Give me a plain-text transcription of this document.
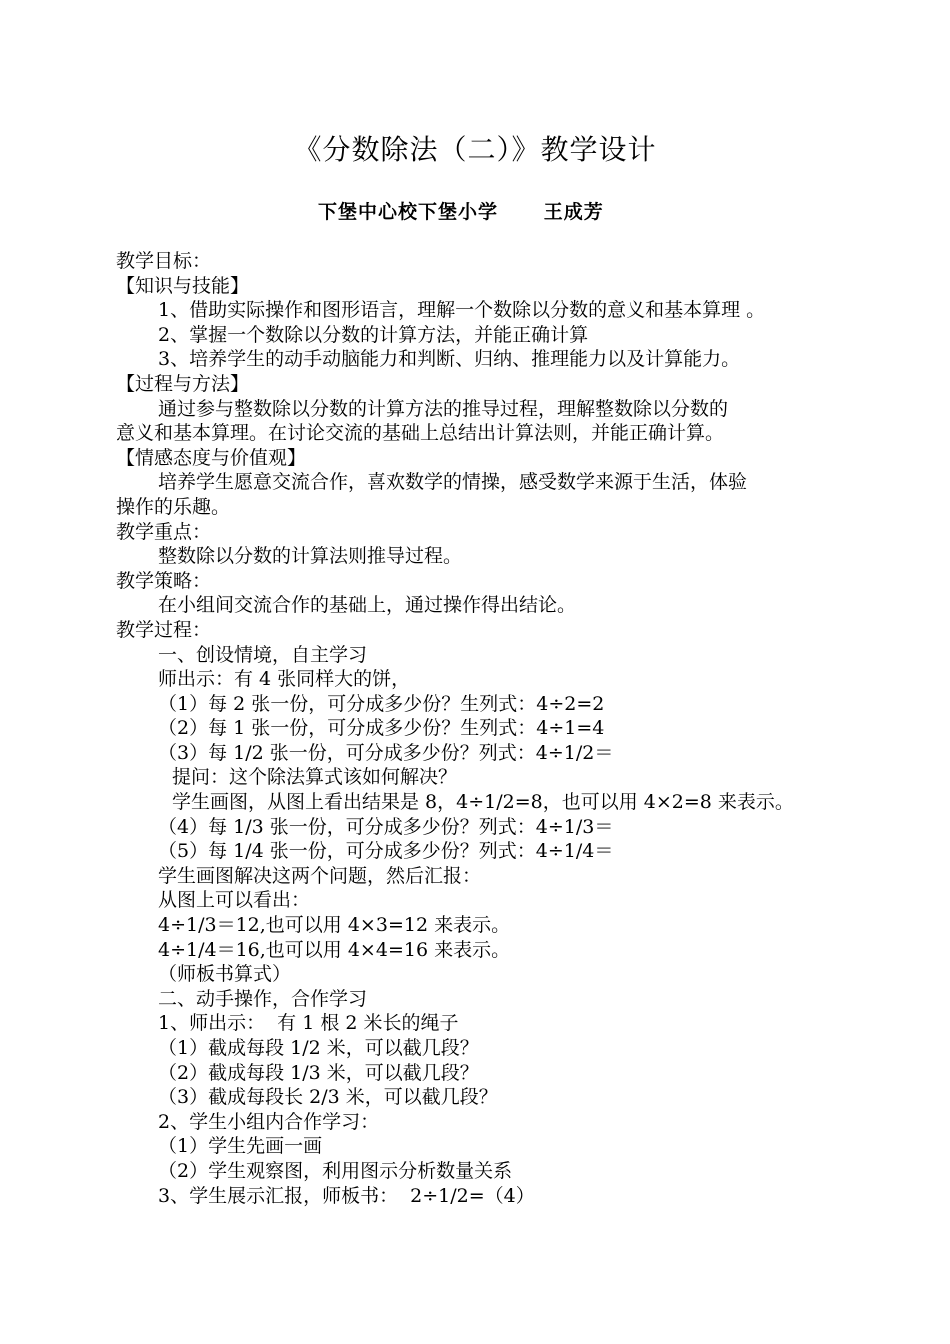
《分数除法（二）》教学设计
下堡中心校下堡小学      王成芳
教学目标：
【知识与技能】
1、借助实际操作和图形语言，理解一个数除以分数的意义和基本算理 。
2、掌握一个数除以分数的计算方法，并能正确计算
3、培养学生的动手动脑能力和判断、归纳、推理能力以及计算能力。
【过程与方法】
通过参与整数除以分数的计算方法的推导过程，理解整数除以分数的
意义和基本算理。在讨论交流的基础上总结出计算法则，并能正确计算。
【情感态度与价值观】
培养学生愿意交流合作，喜欢数学的情操，感受数学来源于生活，体验
操作的乐趣。
教学重点：
整数除以分数的计算法则推导过程。
教学策略：
在小组间交流合作的基础上，通过操作得出结论。
教学过程：
一、创设情境，自主学习
师出示：有 4 张同样大的饼，
（1）每 2 张一份，可分成多少份？生列式：4÷2=2
（2）每 1 张一份，可分成多少份？生列式：4÷1=4
（3）每 1/2 张一份，可分成多少份？列式：4÷1/2＝
提问：这个除法算式该如何解决？
学生画图，从图上看出结果是 8，4÷1/2=8，也可以用 4×2=8 来表示。
（4）每 1/3 张一份，可分成多少份？列式：4÷1/3＝
（5）每 1/4 张一份，可分成多少份？列式：4÷1/4＝
学生画图解决这两个问题，然后汇报：
从图上可以看出：
4÷1/3＝12,也可以用 4×3=12 来表示。
4÷1/4＝16,也可以用 4×4=16 来表示。
（师板书算式）
二、动手操作，合作学习
1、师出示：  有 1 根 2 米长的绳子
（1）截成每段 1/2 米，可以截几段？
（2）截成每段 1/3 米，可以截几段？
（3）截成每段长 2/3 米，可以截几段？
2、学生小组内合作学习：
（1）学生先画一画
（2）学生观察图，利用图示分析数量关系
3、学生展示汇报，师板书：  2÷1/2=（4）
